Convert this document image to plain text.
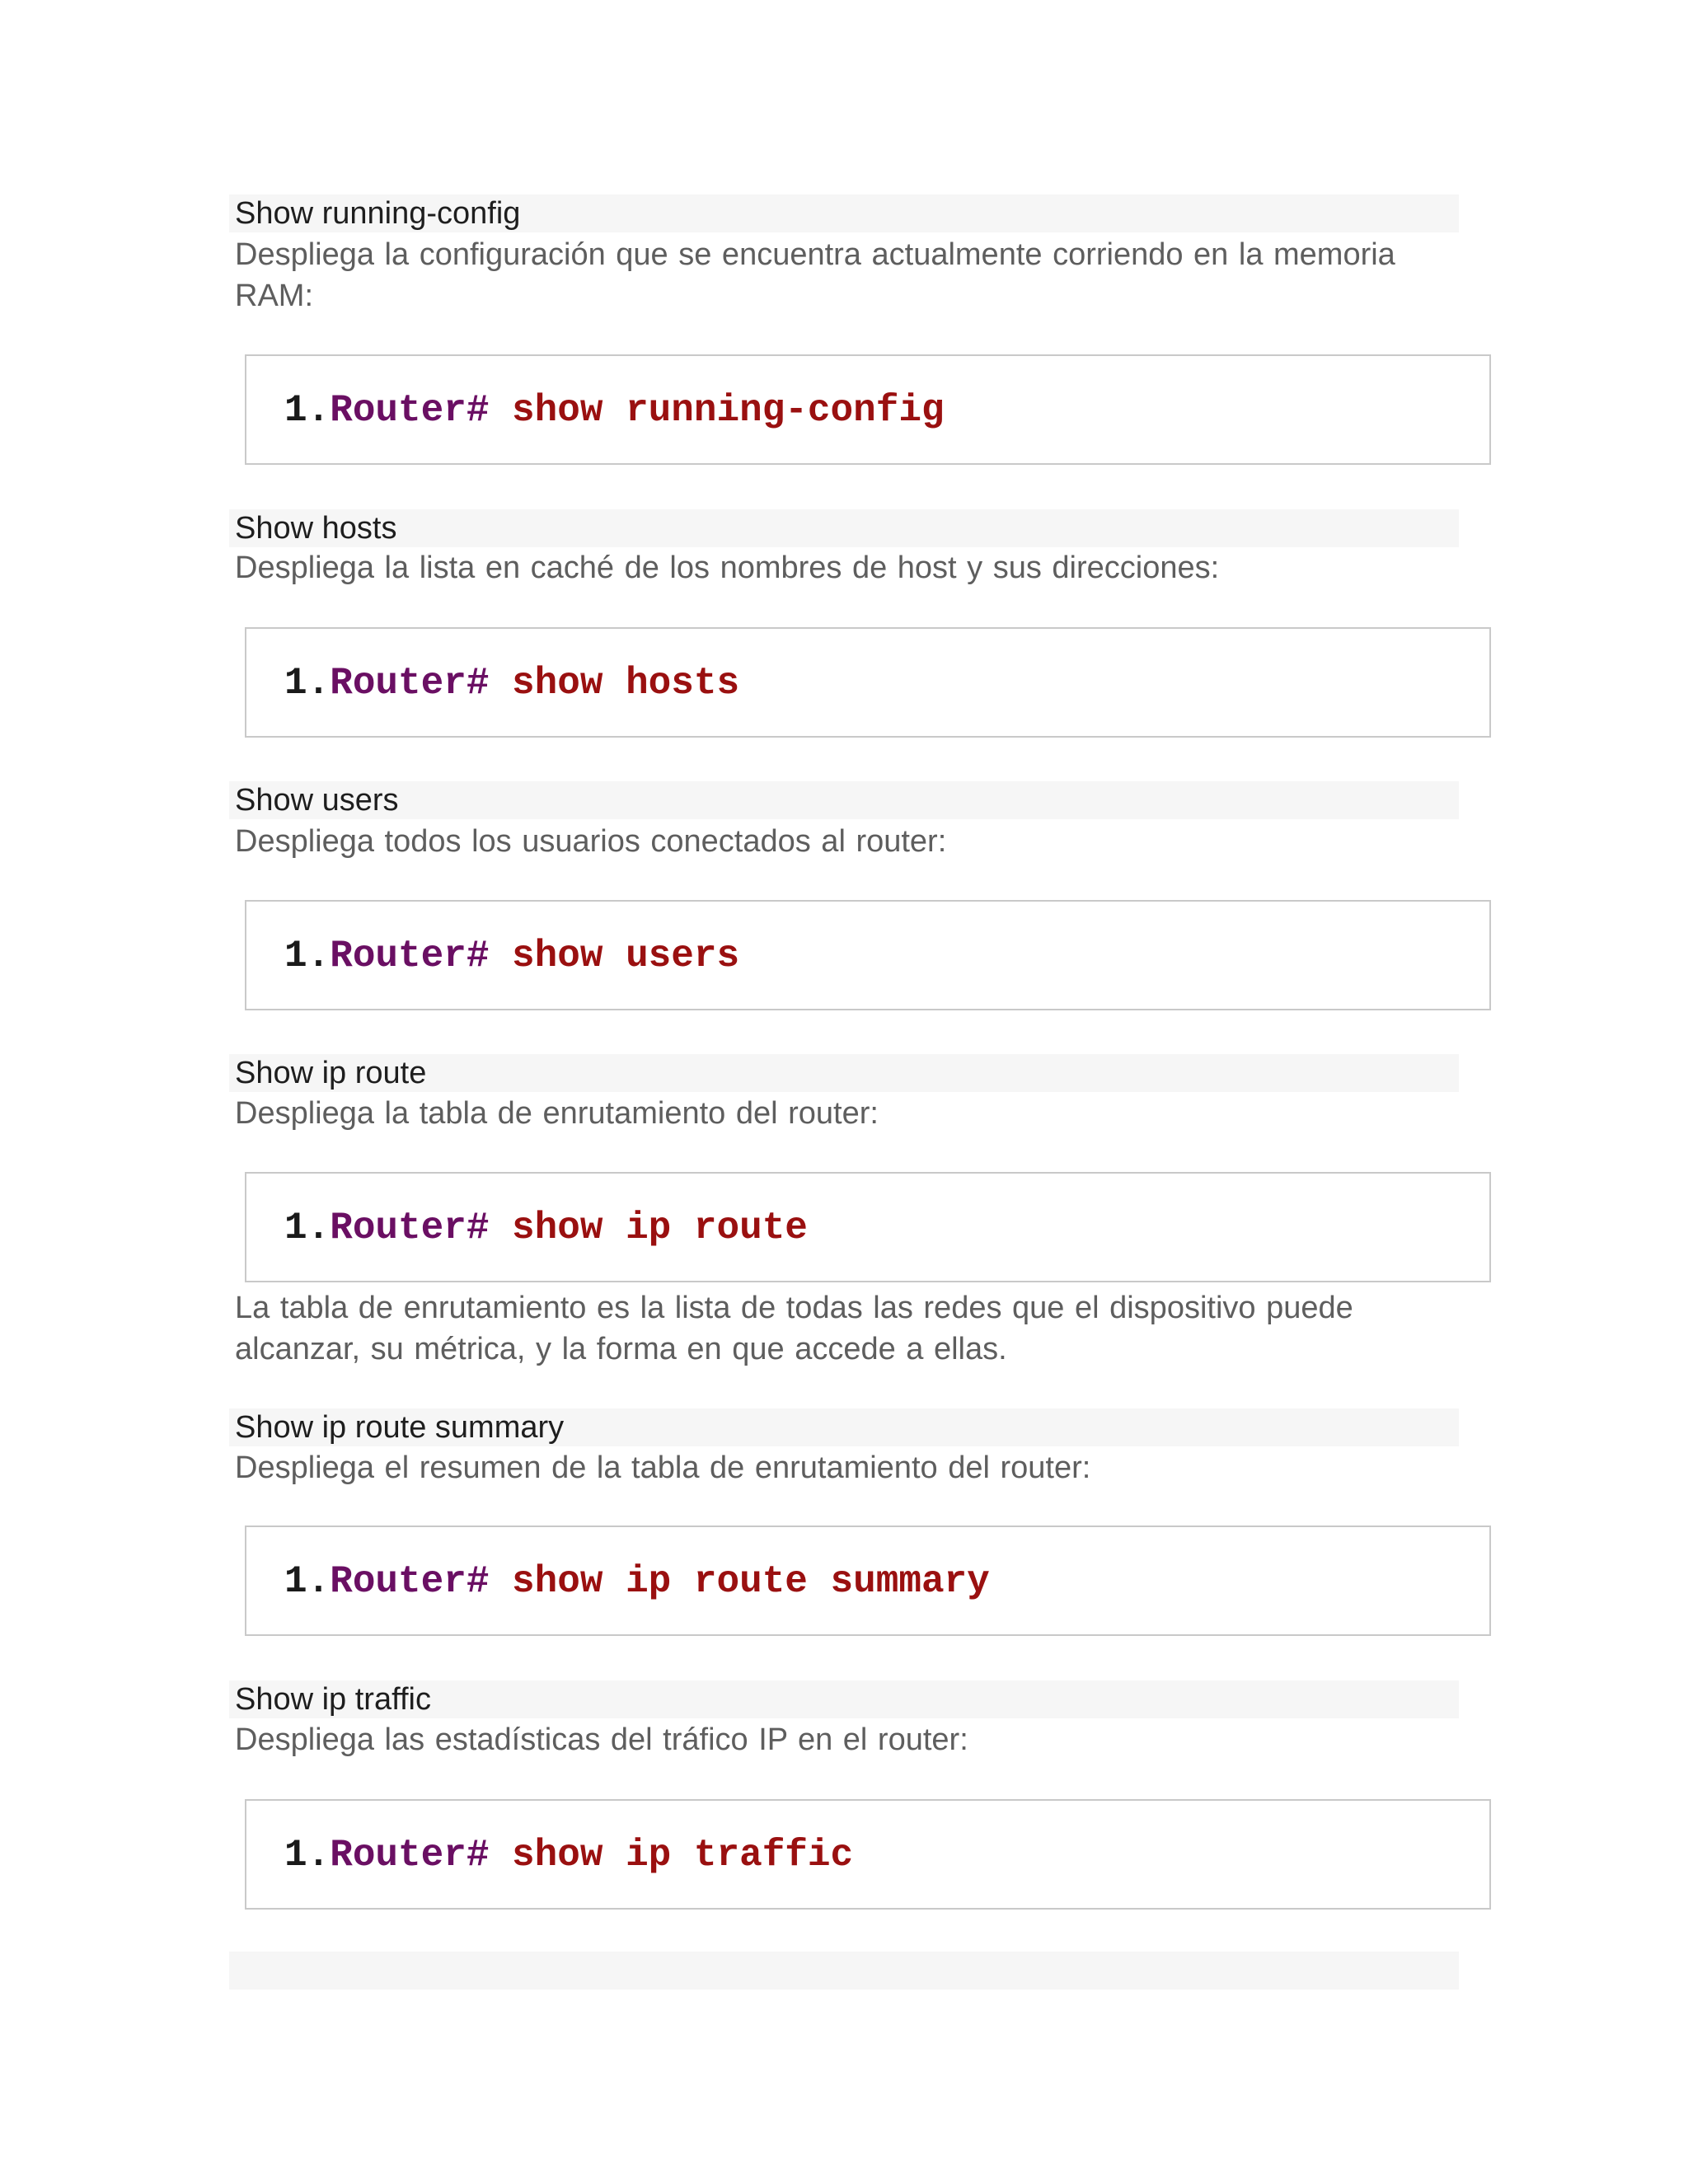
Show running-config
Despliega la configuración que se encuentra actualmente corriendo en la memoria RAM:
1.Router# show running-config
Show hosts
Despliega la lista en caché de los nombres de host y sus direcciones:
1.Router# show hosts
Show users
Despliega todos los usuarios conectados al router:
1.Router# show users
Show ip route
Despliega la tabla de enrutamiento del router:
1.Router# show ip route
La tabla de enrutamiento es la lista de todas las redes que el dispositivo puede alcanzar, su métrica, y la forma en que accede a ellas.
Show ip route summary
Despliega el resumen de la tabla de enrutamiento del router:
1.Router# show ip route summary
Show ip traffic
Despliega las estadísticas del tráfico IP en el router:
1.Router# show ip traffic
